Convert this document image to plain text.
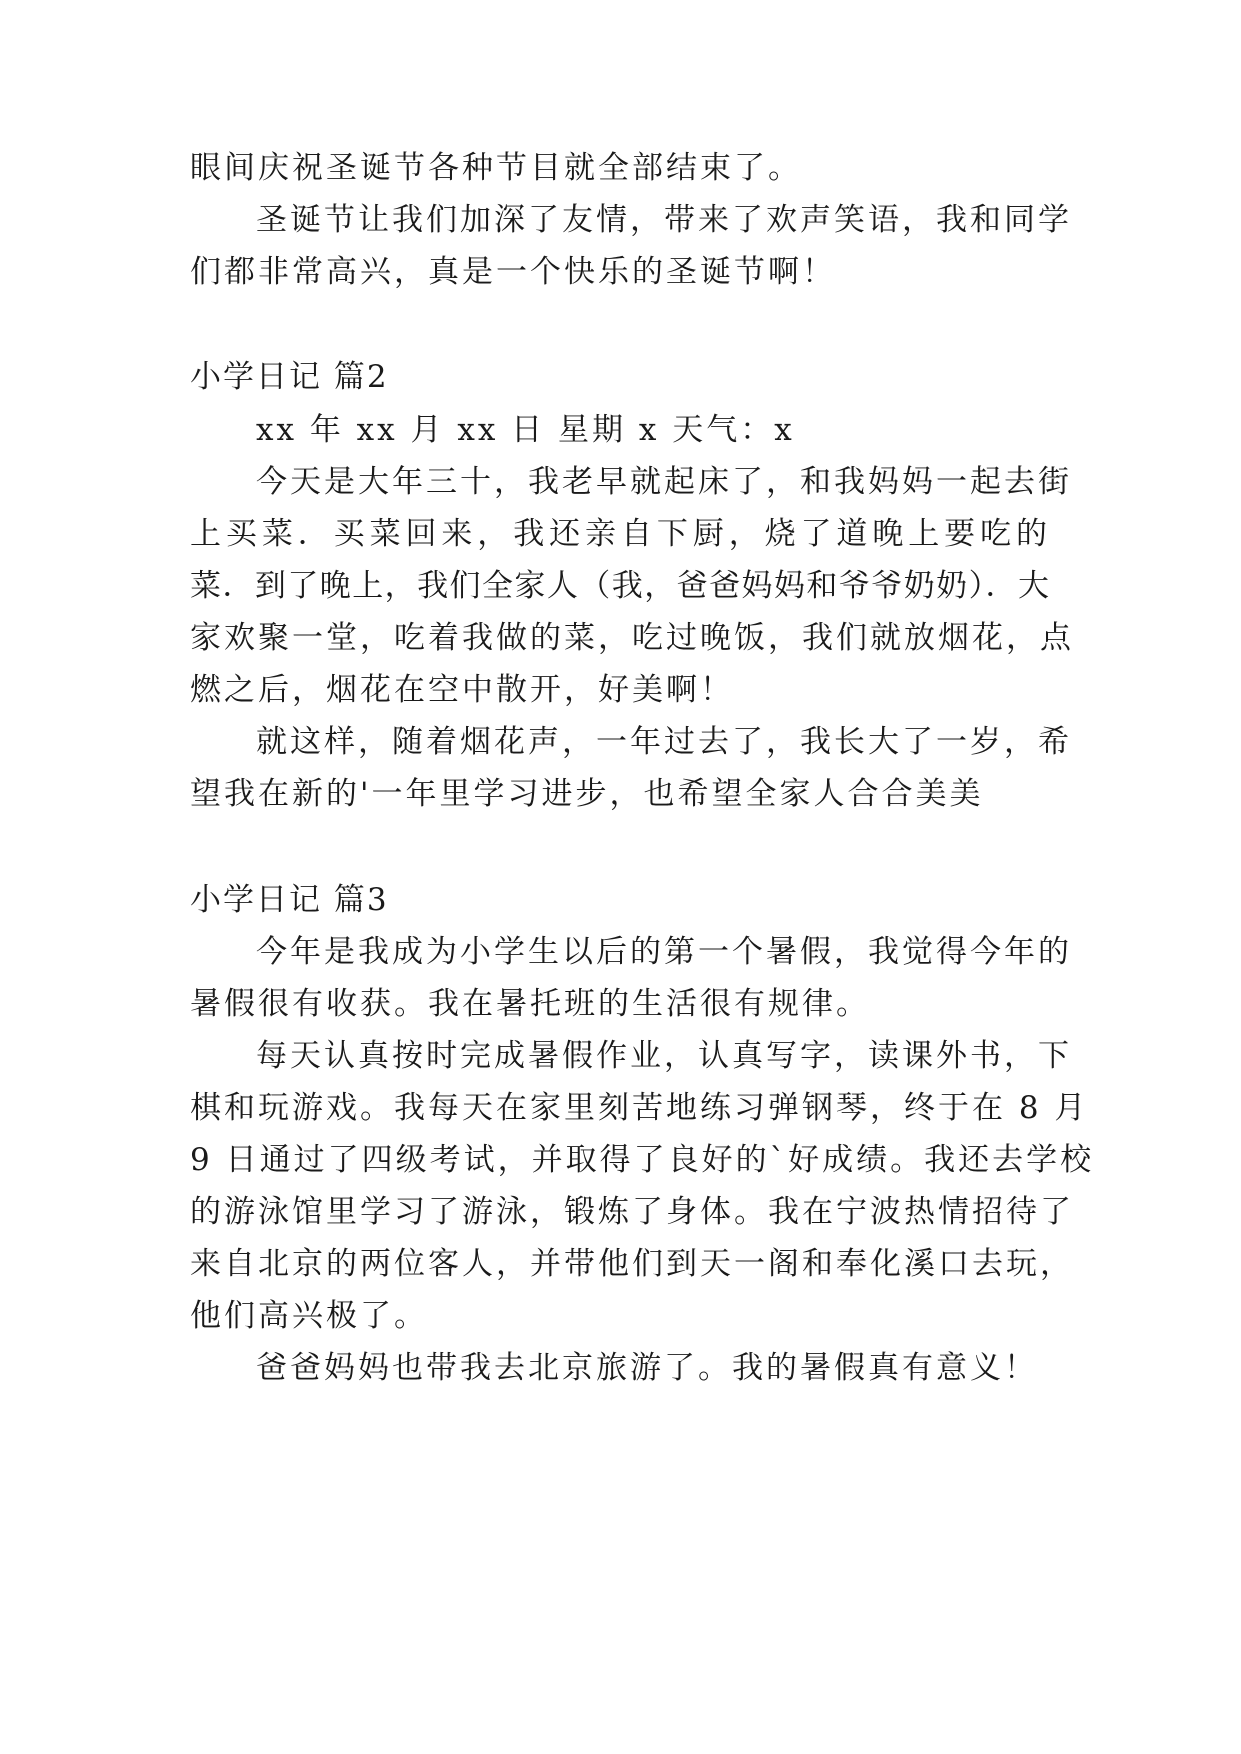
眼间庆祝圣诞节各种节目就全部结束了。
圣诞节让我们加深了友情，带来了欢声笑语，我和同学
们都非常高兴，真是一个快乐的圣诞节啊！
小学日记 篇2
xx 年 xx 月 xx 日 星期 x 天气：x
今天是大年三十，我老早就起床了，和我妈妈一起去街
上买菜．买菜回来，我还亲自下厨，烧了道晚上要吃的
菜．到了晚上，我们全家人（我，爸爸妈妈和爷爷奶奶）．大
家欢聚一堂，吃着我做的菜，吃过晚饭，我们就放烟花，点
燃之后，烟花在空中散开，好美啊！
就这样，随着烟花声，一年过去了，我长大了一岁，希
望我在新的'一年里学习进步，也希望全家人合合美美
小学日记 篇3
今年是我成为小学生以后的第一个暑假，我觉得今年的
暑假很有收获。我在暑托班的生活很有规律。
每天认真按时完成暑假作业，认真写字，读课外书，下
棋和玩游戏。我每天在家里刻苦地练习弹钢琴，终于在 8 月
9 日通过了四级考试，并取得了良好的`好成绩。我还去学校
的游泳馆里学习了游泳，锻炼了身体。我在宁波热情招待了
来自北京的两位客人，并带他们到天一阁和奉化溪口去玩，
他们高兴极了。
爸爸妈妈也带我去北京旅游了。我的暑假真有意义！
